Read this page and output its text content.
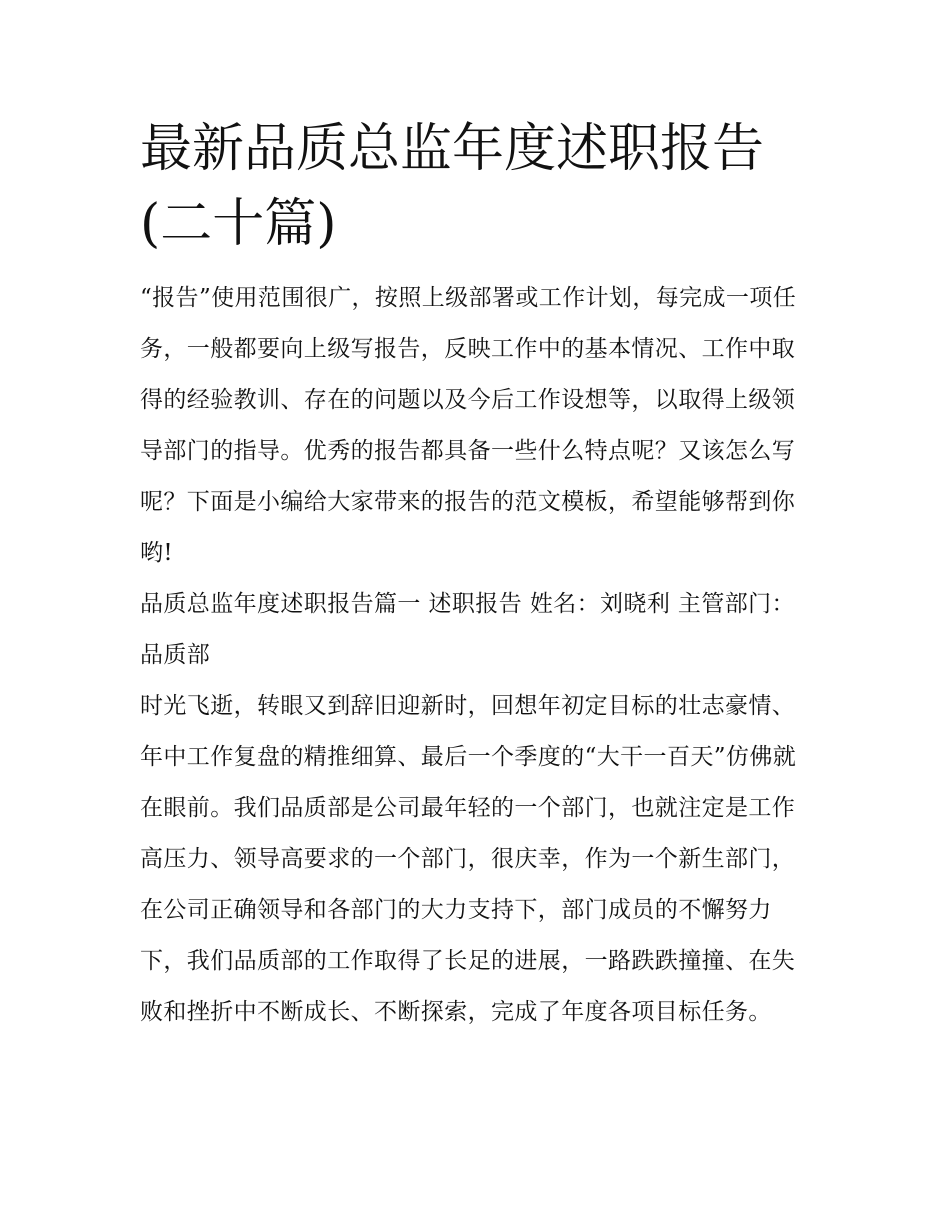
最新品质总监年度述职报告(二十篇)

“报告”使用范围很广，按照上级部署或工作计划，每完成一项任务，一般都要向上级写报告，反映工作中的基本情况、工作中取得的经验教训、存在的问题以及今后工作设想等，以取得上级领导部门的指导。优秀的报告都具备一些什么特点呢？又该怎么写呢？下面是小编给大家带来的报告的范文模板，希望能够帮到你哟!

品质总监年度述职报告篇一 述职报告 姓名：刘晓利 主管部门：品质部

时光飞逝，转眼又到辞旧迎新时，回想年初定目标的壮志豪情、年中工作复盘的精推细算、最后一个季度的“大干一百天”仿佛就在眼前。我们品质部是公司最年轻的一个部门，也就注定是工作高压力、领导高要求的一个部门，很庆幸，作为一个新生部门，在公司正确领导和各部门的大力支持下，部门成员的不懈努力下，我们品质部的工作取得了长足的进展，一路跌跌撞撞、在失败和挫折中不断成长、不断探索，完成了年度各项目标任务。
